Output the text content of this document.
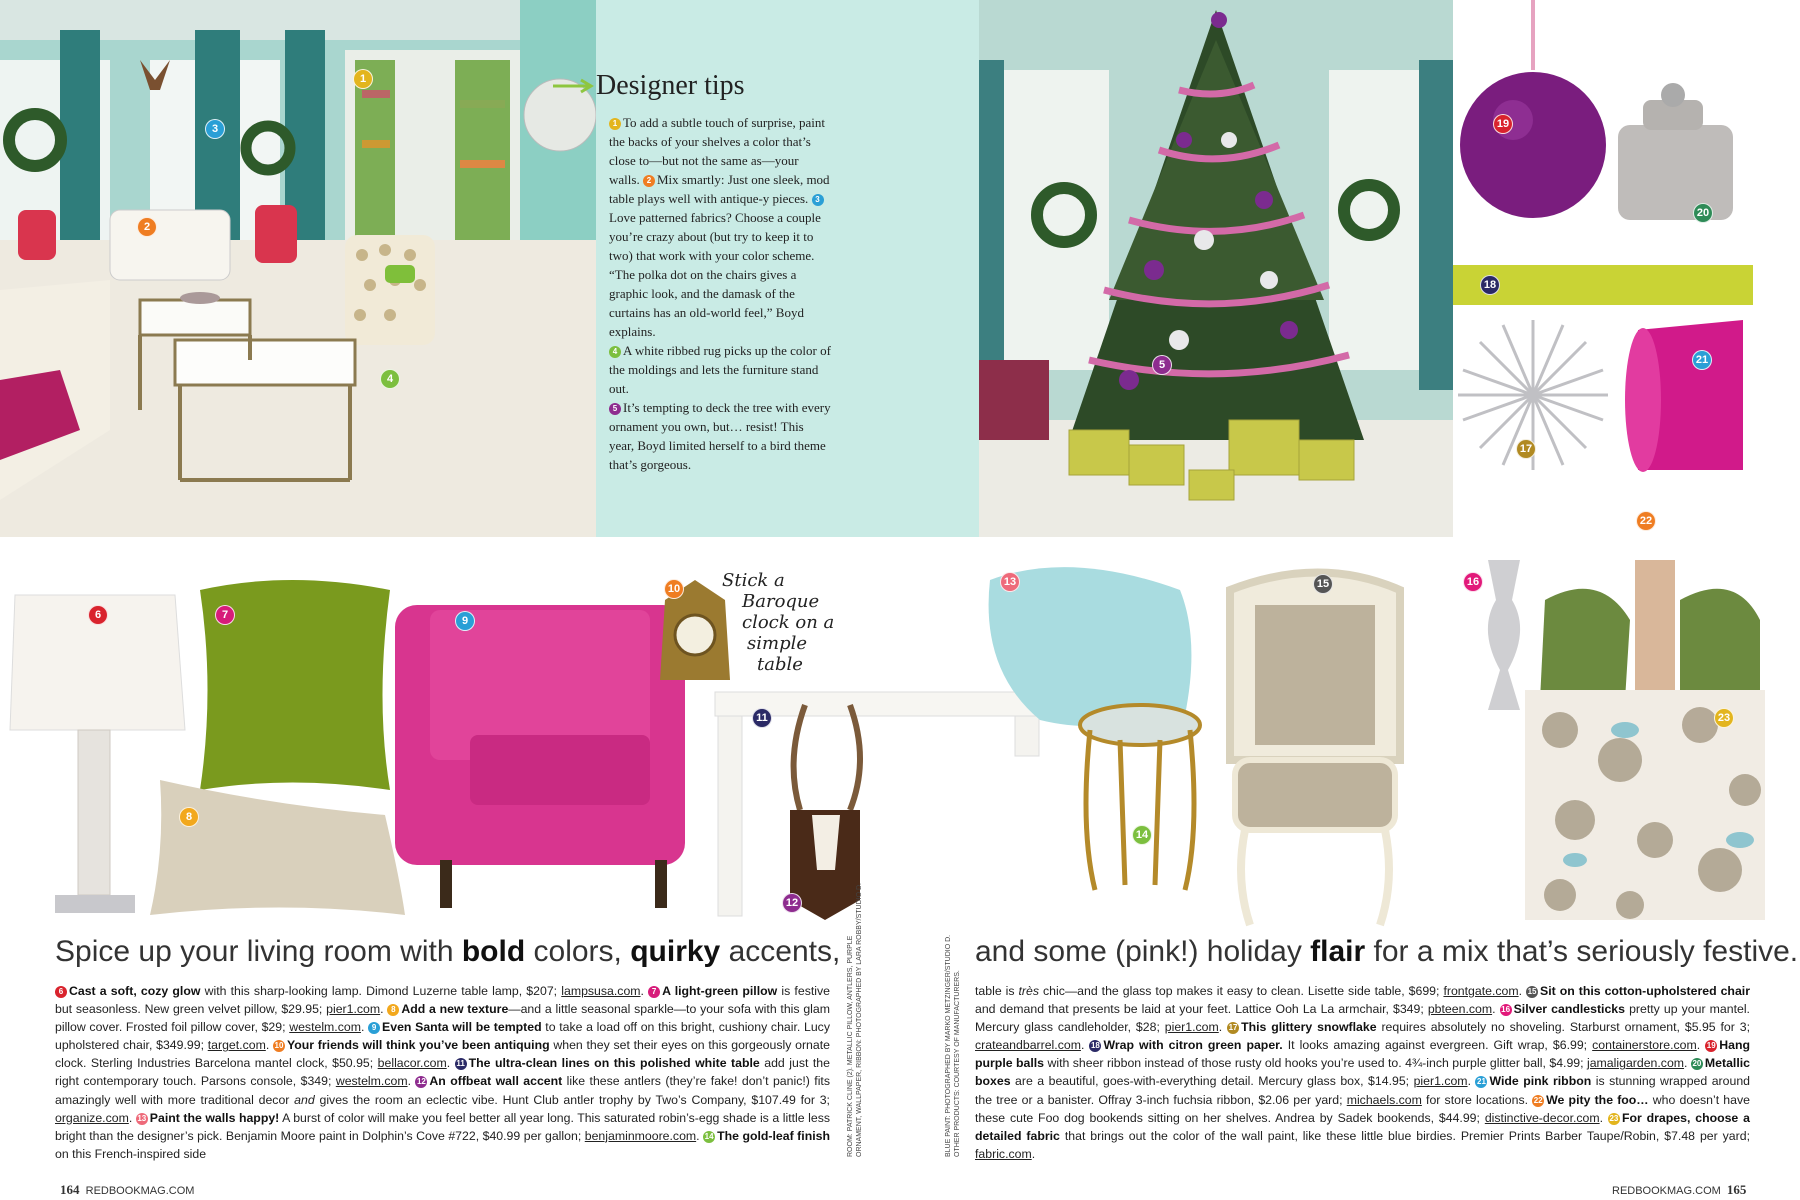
Designer tips

1 To add a subtle touch of surprise, paint the backs of your shelves a color that’s close to—but not the same as—your walls. 2 Mix smartly: Just one sleek, mod table plays well with antique-y pieces. 3Love patterned fabrics? Choose a couple you’re crazy about (but try to keep it to two) that work with your color scheme. “The polka dot on the chairs gives a graphic look, and the damask of the curtains has an old-world feel,” Boyd explains.
4 A white ribbed rug picks up the color of the moldings and lets the furniture stand out.
5 It’s tempting to deck the tree with every ornament you own, but… resist! This year, Boyd limited herself to a bird theme that’s gorgeous.

Stick a
Baroque
clock on a
simple
table
1
2
3
4
5
6	7
8
9
10
11
12
13
14
15	16
17
18
19
20
21
22
23
Spice up your living room with bold colors, quirky accents,	and some (pink!) holiday flair for a mix that’s seriously festive.
6 Cast a soft, cozy glow with this sharp-looking lamp. Dimond Luzerne table lamp, $207; lampsusa.com. 7 A light-green pillow is festive but seasonless. New green velvet pillow, $29.95; pier1.com. 8 Add a new texture—and a little seasonal sparkle—to your sofa with this glam pillow cover. Frosted foil pillow cover, $29; westelm.com. 9 Even Santa will be tempted to take a load off on this bright, cushiony chair. Lucy upholstered chair, $349.99; target.com. 10 Your friends will think you’ve been antiquing when they set their eyes on this gorgeously ornate clock. Sterling Industries Barcelona mantel clock, $50.95; bellacor.com. 11 The ultra-clean lines on this polished white table add just the right contemporary touch. Parsons console, $349; westelm.com. 12 An offbeat wall accent like these antlers (they’re fake! don’t panic!) fits amazingly well with more traditional decor and gives the room an eclectic vibe. Hunt Club antler trophy by Two’s Company, $107.49 for 3; organize.com. 13 Paint the walls happy! A burst of color will make you feel better all year long. This saturated robin’s-egg shade is a little less bright than the designer’s pick. Benjamin Moore paint in Dolphin’s Cove #722, $40.99 per gallon; benjaminmoore.com. 14 The gold-leaf finish on this French-inspired side
table is très chic—and the glass top makes it easy to clean. Lisette side table, $699; frontgate.com. 15 Sit on this cotton-upholstered chair and demand that presents be laid at your feet. Lattice Ooh La La armchair, $349; pbteen.com. 16 Silver candlesticks pretty up your mantel. Mercury glass candleholder, $28; pier1.com. 17 This glittery snowflake requires absolutely no shoveling. Starburst ornament, $5.95 for 3; crateandbarrel.com. 18 Wrap with citron green paper. It looks amazing against evergreen. Gift wrap, $6.99; containerstore.com. 19 Hang purple balls with sheer ribbon instead of those rusty old hooks you’re used to. 4¾-inch purple glitter ball, $4.99; jamaligarden.com. 20 Metallic boxes are a beautiful, goes-with-everything detail. Mercury glass box, $14.95; pier1.com. 21 Wide pink ribbon is stunning wrapped around the tree or a banister. Offray 3-inch fuchsia ribbon, $2.06 per yard; michaels.com for store locations. 22 We pity the foo… who doesn’t have these cute Foo dog bookends sitting on her shelves. Andrea by Sadek bookends, $44.99; distinctive-decor.com. 23 For drapes, choose a detailed fabric that brings out the color of the wall paint, like these little blue birdies. Premier Prints Barber Taupe/Robin, $7.48 per yard; fabric.com.
ROOM: PATRICK CLINE (2). METALLIC PILLOW, ANTLERS, PURPLE ORNAMENT, WALLPAPER, RIBBON: PHOTOGRAPHED BY LARA ROBBY/STUDIO D.	BLUE PAINT: PHOTOGRAPHED BY MARKO METZINGER/STUDIO D. OTHER PRODUCTS: COURTESY OF MANUFACTURERS.
164 REDBOOKMAG.COM	REDBOOKMAG.COM 165
